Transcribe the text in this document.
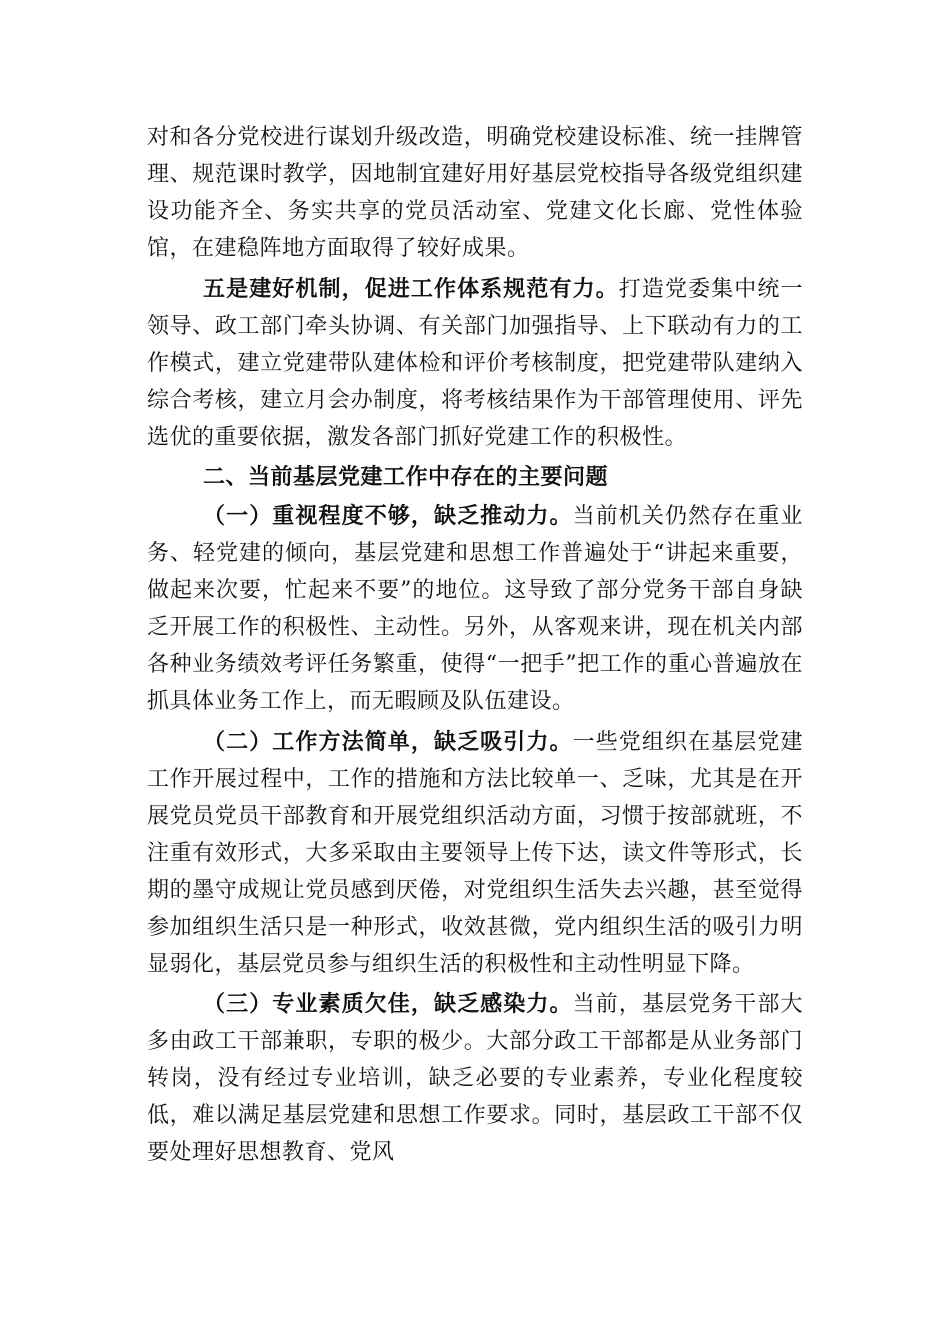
对和各分党校进行谋划升级改造，明确党校建设标准、统一挂牌管理、规范课时教学，因地制宜建好用好基层党校指导各级党组织建设功能齐全、务实共享的党员活动室、党建文化长廊、党性体验馆，在建稳阵地方面取得了较好成果。

五是建好机制，促进工作体系规范有力。打造党委集中统一领导、政工部门牵头协调、有关部门加强指导、上下联动有力的工作模式，建立党建带队建体检和评价考核制度，把党建带队建纳入综合考核，建立月会办制度，将考核结果作为干部管理使用、评先选优的重要依据，激发各部门抓好党建工作的积极性。

二、当前基层党建工作中存在的主要问题

（一）重视程度不够，缺乏推动力。当前机关仍然存在重业务、轻党建的倾向，基层党建和思想工作普遍处于“讲起来重要，做起来次要，忙起来不要”的地位。这导致了部分党务干部自身缺乏开展工作的积极性、主动性。另外，从客观来讲，现在机关内部各种业务绩效考评任务繁重，使得“一把手”把工作的重心普遍放在抓具体业务工作上，而无暇顾及队伍建设。

（二）工作方法简单，缺乏吸引力。一些党组织在基层党建工作开展过程中，工作的措施和方法比较单一、乏味，尤其是在开展党员党员干部教育和开展党组织活动方面，习惯于按部就班，不注重有效形式，大多采取由主要领导上传下达，读文件等形式，长期的墨守成规让党员感到厌倦，对党组织生活失去兴趣，甚至觉得参加组织生活只是一种形式，收效甚微，党内组织生活的吸引力明显弱化，基层党员参与组织生活的积极性和主动性明显下降。

（三）专业素质欠佳，缺乏感染力。当前，基层党务干部大多由政工干部兼职，专职的极少。大部分政工干部都是从业务部门转岗，没有经过专业培训，缺乏必要的专业素养，专业化程度较低，难以满足基层党建和思想工作要求。同时，基层政工干部不仅要处理好思想教育、党风
